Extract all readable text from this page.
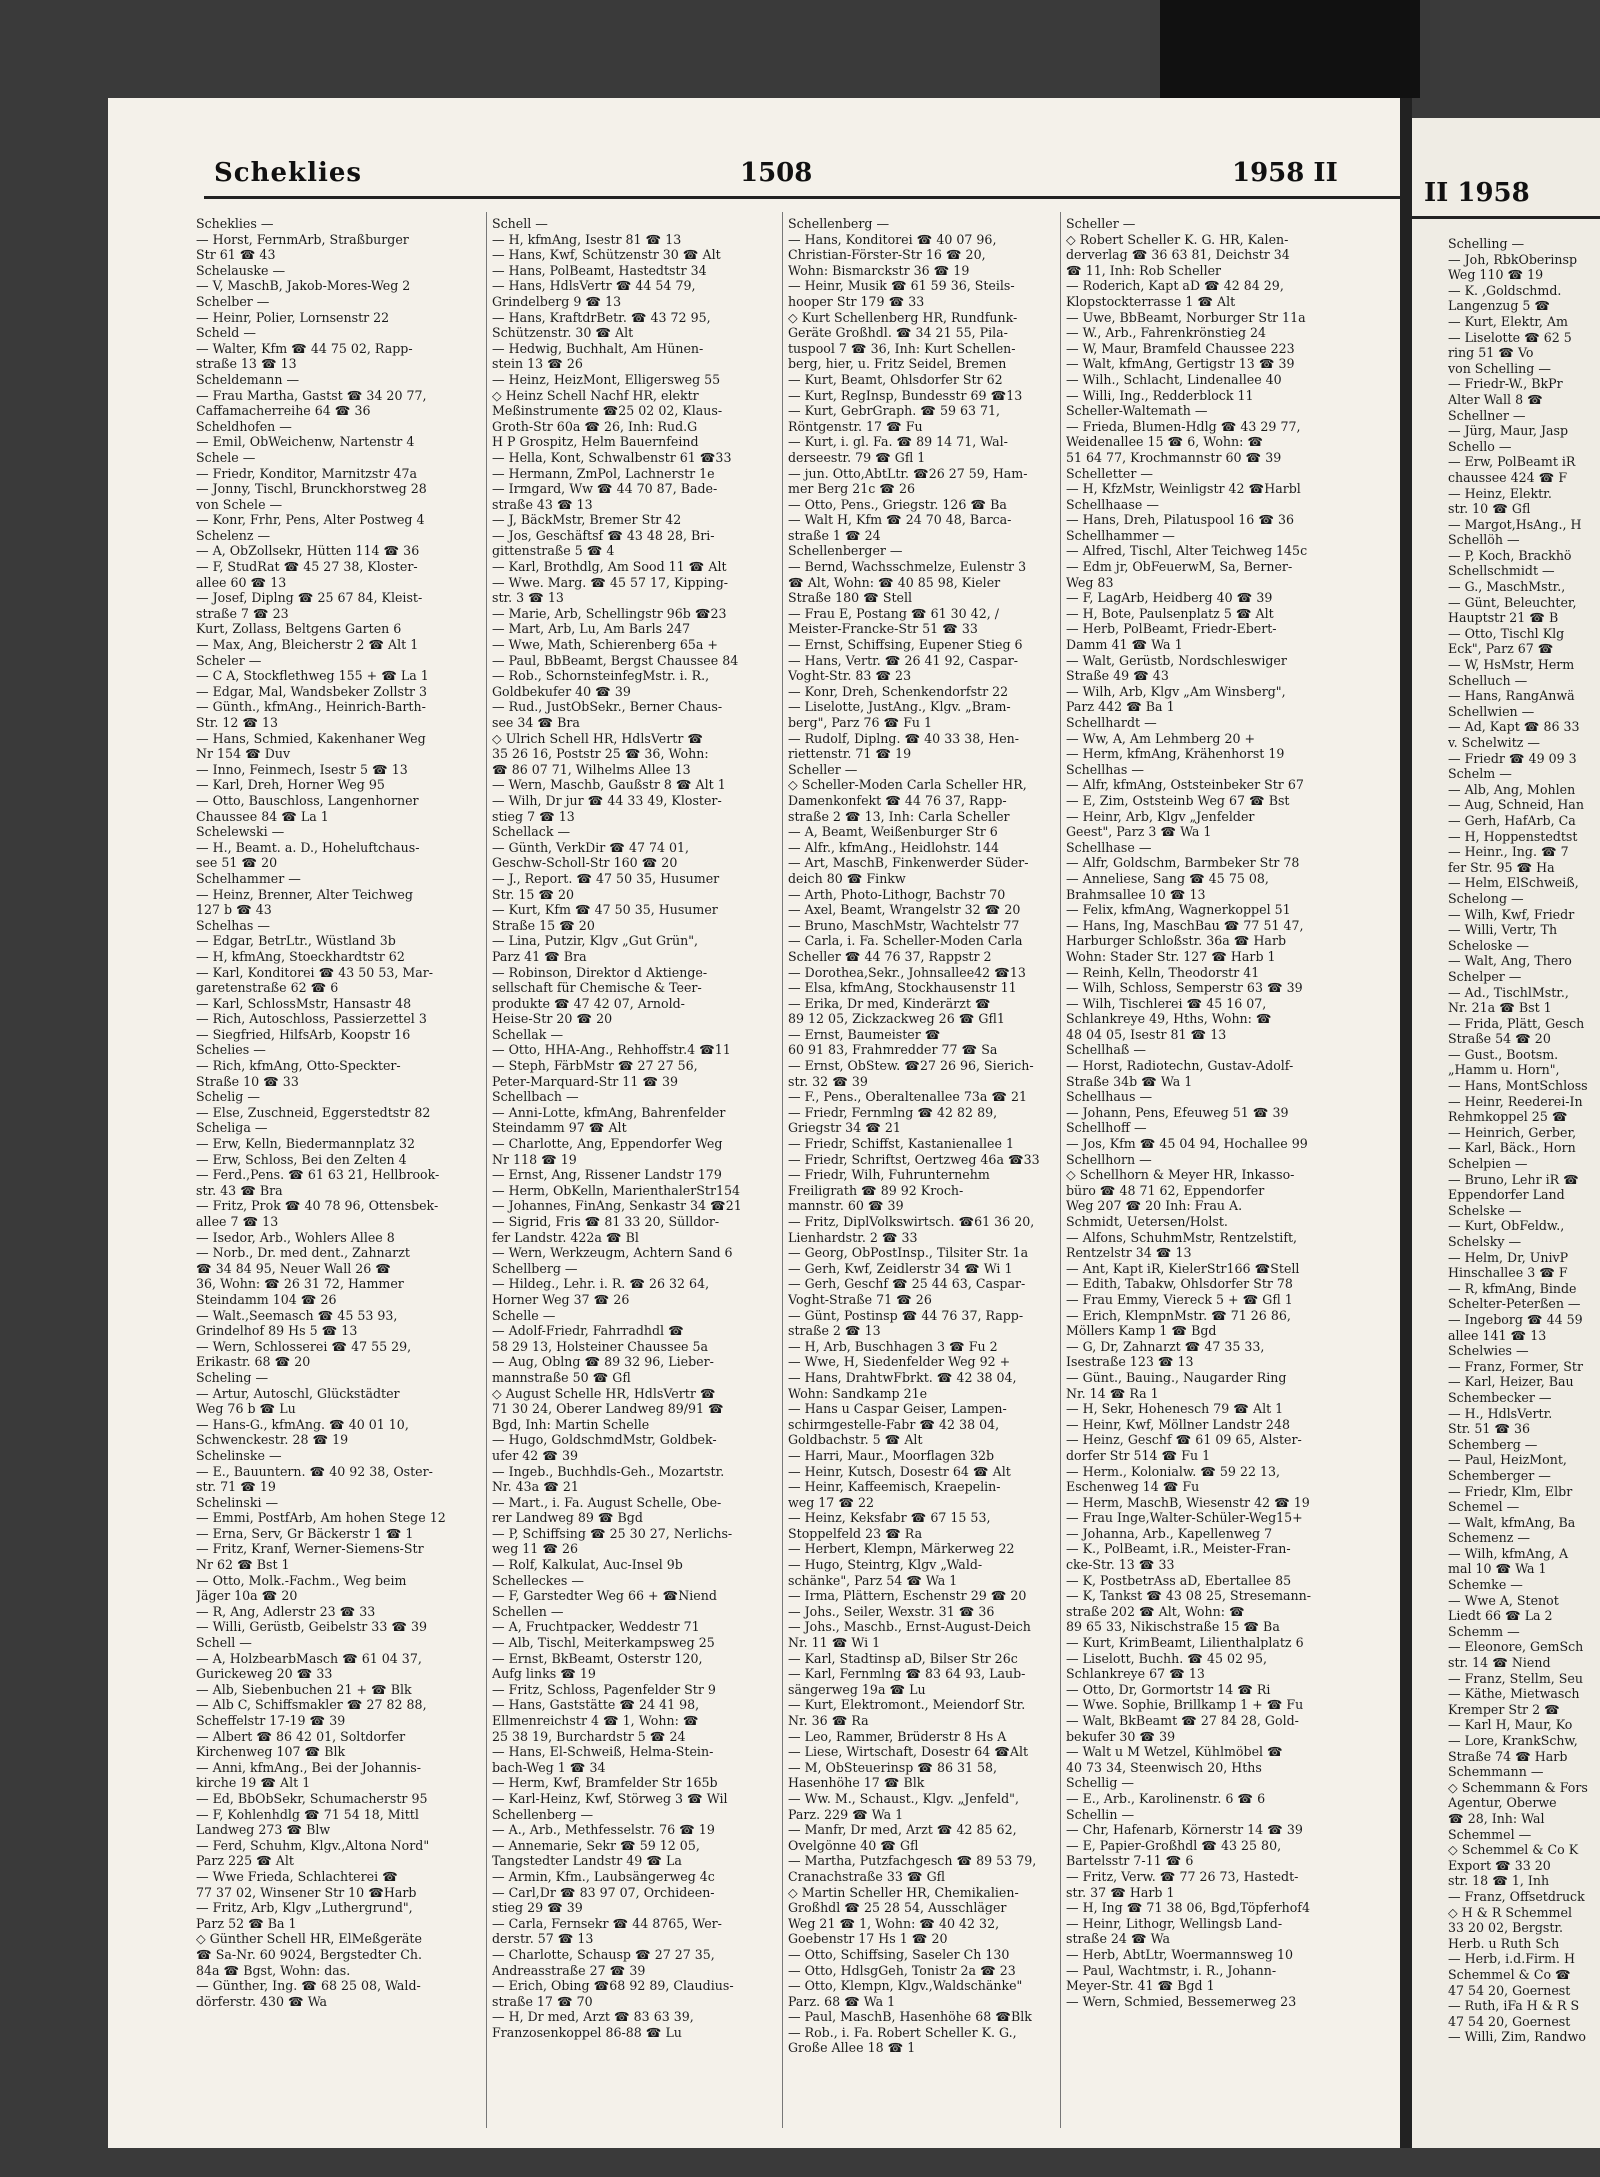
Scheklies	1508	1958 II
Scheklies —
— Horst, FernmArb, Straßburger
Str 61 ☎ 43
Schelauske —
— V, MaschB, Jakob-Mores-Weg 2
Schelber —
— Heinr, Polier, Lornsenstr 22
Scheld —
— Walter, Kfm ☎ 44 75 02, Rapp-
straße 13 ☎ 13
Scheldemann —
— Frau Martha, Gastst ☎ 34 20 77,
Caffamacherreihe 64 ☎ 36
Scheldhofen —
— Emil, ObWeichenw, Nartenstr 4
Schele —
— Friedr, Konditor, Marnitzstr 47a
— Jonny, Tischl, Brunckhorstweg 28
von Schele —
— Konr, Frhr, Pens, Alter Postweg 4
Schelenz —
— A, ObZollsekr, Hütten 114 ☎ 36
— F, StudRat ☎ 45 27 38, Kloster-
allee 60 ☎ 13
— Josef, Diplng ☎ 25 67 84, Kleist-
straße 7 ☎ 23
Kurt, Zollass, Beltgens Garten 6
— Max, Ang, Bleicherstr 2 ☎ Alt 1
Scheler —
— C A, Stockflethweg 155 + ☎ La 1
— Edgar, Mal, Wandsbeker Zollstr 3
— Günth., kfmAng., Heinrich-Barth-
Str. 12 ☎ 13
— Hans, Schmied, Kakenhaner Weg
Nr 154 ☎ Duv
— Inno, Feinmech, Isestr 5 ☎ 13
— Karl, Dreh, Horner Weg 95
— Otto, Bauschloss, Langenhorner
Chaussee 84 ☎ La 1
Schelewski —
— H., Beamt. a. D., Hoheluftchaus-
see 51 ☎ 20
Schelhammer —
— Heinz, Brenner, Alter Teichweg
127 b ☎ 43
Schelhas —
— Edgar, BetrLtr., Wüstland 3b
— H, kfmAng, Stoeckhardtstr 62
— Karl, Konditorei ☎ 43 50 53, Mar-
garetenstraße 62 ☎ 6
— Karl, SchlossMstr, Hansastr 48
— Rich, Autoschloss, Passierzettel 3
— Siegfried, HilfsArb, Koopstr 16
Schelies —
— Rich, kfmAng, Otto-Speckter-
Straße 10 ☎ 33
Schelig —
— Else, Zuschneid, Eggerstedtstr 82
Scheliga —
— Erw, Kelln, Biedermannplatz 32
— Erw, Schloss, Bei den Zelten 4
— Ferd.,Pens. ☎ 61 63 21, Hellbrook-
str. 43 ☎ Bra
— Fritz, Prok ☎ 40 78 96, Ottensbek-
allee 7 ☎ 13
— Isedor, Arb., Wohlers Allee 8
— Norb., Dr. med dent., Zahnarzt
☎ 34 84 95, Neuer Wall 26 ☎
36, Wohn: ☎ 26 31 72, Hammer
Steindamm 104 ☎ 26
— Walt.,Seemasch ☎ 45 53 93,
Grindelhof 89 Hs 5 ☎ 13
— Wern, Schlosserei ☎ 47 55 29,
Erikastr. 68 ☎ 20
Scheling —
— Artur, Autoschl, Glückstädter
Weg 76 b ☎ Lu
— Hans-G., kfmAng. ☎ 40 01 10,
Schwenckestr. 28 ☎ 19
Schelinske —
— E., Bauuntern. ☎ 40 92 38, Oster-
str. 71 ☎ 19
Schelinski —
— Emmi, PostfArb, Am hohen Stege 12
— Erna, Serv, Gr Bäckerstr 1 ☎ 1
— Fritz, Kranf, Werner-Siemens-Str
Nr 62 ☎ Bst 1
— Otto, Molk.-Fachm., Weg beim
Jäger 10a ☎ 20
— R, Ang, Adlerstr 23 ☎ 33
— Willi, Gerüstb, Geibelstr 33 ☎ 39
Schell —
— A, HolzbearbMasch ☎ 61 04 37,
Gurickeweg 20 ☎ 33
— Alb, Siebenbuchen 21 + ☎ Blk
— Alb C, Schiffsmakler ☎ 27 82 88,
Scheffelstr 17-19 ☎ 39
— Albert ☎ 86 42 01, Soltdorfer
Kirchenweg 107 ☎ Blk
— Anni, kfmAng., Bei der Johannis-
kirche 19 ☎ Alt 1
— Ed, BbObSekr, Schumacherstr 95
— F, Kohlenhdlg ☎ 71 54 18, Mittl
Landweg 273 ☎ Blw
— Ferd, Schuhm, Klgv.,Altona Nord"
Parz 225 ☎ Alt
— Wwe Frieda, Schlachterei ☎
77 37 02, Winsener Str 10 ☎Harb
— Fritz, Arb, Klgv „Luthergrund",
Parz 52 ☎ Ba 1
◇ Günther Schell HR, ElMeßgeräte
☎ Sa-Nr. 60 9024, Bergstedter Ch.
84a ☎ Bgst, Wohn: das.
— Günther, Ing. ☎ 68 25 08, Wald-
dörferstr. 430 ☎ Wa
Schell —
— H, kfmAng, Isestr 81 ☎ 13
— Hans, Kwf, Schützenstr 30 ☎ Alt
— Hans, PolBeamt, Hastedtstr 34
— Hans, HdlsVertr ☎ 44 54 79,
Grindelberg 9 ☎ 13
— Hans, KraftdrBetr. ☎ 43 72 95,
Schützenstr. 30 ☎ Alt
— Hedwig, Buchhalt, Am Hünen-
stein 13 ☎ 26
— Heinz, HeizMont, Elligersweg 55
◇ Heinz Schell Nachf HR, elektr
Meßinstrumente ☎25 02 02, Klaus-
Groth-Str 60a ☎ 26, Inh: Rud.G
H P Grospitz, Helm Bauernfeind
— Hella, Kont, Schwalbenstr 61 ☎33
— Hermann, ZmPol, Lachnerstr 1e
— Irmgard, Ww ☎ 44 70 87, Bade-
straße 43 ☎ 13
— J, BäckMstr, Bremer Str 42
— Jos, Geschäftsf ☎ 43 48 28, Bri-
gittenstraße 5 ☎ 4
— Karl, Brothdlg, Am Sood 11 ☎ Alt
— Wwe. Marg. ☎ 45 57 17, Kipping-
str. 3 ☎ 13
— Marie, Arb, Schellingstr 96b ☎23
— Mart, Arb, Lu, Am Barls 247
— Wwe, Math, Schierenberg 65a +
— Paul, BbBeamt, Bergst Chaussee 84
— Rob., SchornsteinfegMstr. i. R.,
Goldbekufer 40 ☎ 39
— Rud., JustObSekr., Berner Chaus-
see 34 ☎ Bra
◇ Ulrich Schell HR, HdlsVertr ☎
35 26 16, Poststr 25 ☎ 36, Wohn:
☎ 86 07 71, Wilhelms Allee 13
— Wern, Maschb, Gaußstr 8 ☎ Alt 1
— Wilh, Dr jur ☎ 44 33 49, Kloster-
stieg 7 ☎ 13
Schellack —
— Günth, VerkDir ☎ 47 74 01,
Geschw-Scholl-Str 160 ☎ 20
— J., Report. ☎ 47 50 35, Husumer
Str. 15 ☎ 20
— Kurt, Kfm ☎ 47 50 35, Husumer
Straße 15 ☎ 20
— Lina, Putzir, Klgv „Gut Grün",
Parz 41 ☎ Bra
— Robinson, Direktor d Aktienge-
sellschaft für Chemische & Teer-
produkte ☎ 47 42 07, Arnold-
Heise-Str 20 ☎ 20
Schellak —
— Otto, HHA-Ang., Rehhoffstr.4 ☎11
— Steph, FärbMstr ☎ 27 27 56,
Peter-Marquard-Str 11 ☎ 39
Schellbach —
— Anni-Lotte, kfmAng, Bahrenfelder
Steindamm 97 ☎ Alt
— Charlotte, Ang, Eppendorfer Weg
Nr 118 ☎ 19
— Ernst, Ang, Rissener Landstr 179
— Herm, ObKelln, MarienthalerStr154
— Johannes, FinAng, Senkastr 34 ☎21
— Sigrid, Fris ☎ 81 33 20, Sülldor-
fer Landstr. 422a ☎ Bl
— Wern, Werkzeugm, Achtern Sand 6
Schellberg —
— Hildeg., Lehr. i. R. ☎ 26 32 64,
Horner Weg 37 ☎ 26
Schelle —
— Adolf-Friedr, Fahrradhdl ☎
58 29 13, Holsteiner Chaussee 5a
— Aug, Oblng ☎ 89 32 96, Lieber-
mannstraße 50 ☎ Gfl
◇ August Schelle HR, HdlsVertr ☎
71 30 24, Oberer Landweg 89/91 ☎
Bgd, Inh: Martin Schelle
— Hugo, GoldschmdMstr, Goldbek-
ufer 42 ☎ 39
— Ingeb., Buchhdls-Geh., Mozartstr.
Nr. 43a ☎ 21
— Mart., i. Fa. August Schelle, Obe-
rer Landweg 89 ☎ Bgd
— P, Schiffsing ☎ 25 30 27, Nerlichs-
weg 11 ☎ 26
— Rolf, Kalkulat, Auc-Insel 9b
Schelleckes —
— F, Garstedter Weg 66 + ☎Niend
Schellen —
— A, Fruchtpacker, Weddestr 71
— Alb, Tischl, Meiterkampsweg 25
— Ernst, BkBeamt, Osterstr 120,
Aufg links ☎ 19
— Fritz, Schloss, Pagenfelder Str 9
— Hans, Gaststätte ☎ 24 41 98,
Ellmenreichstr 4 ☎ 1, Wohn: ☎
25 38 19, Burchardstr 5 ☎ 24
— Hans, El-Schweiß, Helma-Stein-
bach-Weg 1 ☎ 34
— Herm, Kwf, Bramfelder Str 165b
— Karl-Heinz, Kwf, Störweg 3 ☎ Wil
Schellenberg —
— A., Arb., Methfesselstr. 76 ☎ 19
— Annemarie, Sekr ☎ 59 12 05,
Tangstedter Landstr 49 ☎ La
— Armin, Kfm., Laubsängerweg 4c
— Carl,Dr ☎ 83 97 07, Orchideen-
stieg 29 ☎ 39
— Carla, Fernsekr ☎ 44 8765, Wer-
derstr. 57 ☎ 13
— Charlotte, Schausp ☎ 27 27 35,
Andreasstraße 27 ☎ 39
— Erich, Obing ☎68 92 89, Claudius-
straße 17 ☎ 70
— H, Dr med, Arzt ☎ 83 63 39,
Franzosenkoppel 86-88 ☎ Lu
Schellenberg —
— Hans, Konditorei ☎ 40 07 96,
Christian-Förster-Str 16 ☎ 20,
Wohn: Bismarckstr 36 ☎ 19
— Heinr, Musik ☎ 61 59 36, Steils-
hooper Str 179 ☎ 33
◇ Kurt Schellenberg HR, Rundfunk-
Geräte Großhdl. ☎ 34 21 55, Pila-
tuspool 7 ☎ 36, Inh: Kurt Schellen-
berg, hier, u. Fritz Seidel, Bremen
— Kurt, Beamt, Ohlsdorfer Str 62
— Kurt, RegInsp, Bundesstr 69 ☎13
— Kurt, GebrGraph. ☎ 59 63 71,
Röntgenstr. 17 ☎ Fu
— Kurt, i. gl. Fa. ☎ 89 14 71, Wal-
derseestr. 79 ☎ Gfl 1
— jun. Otto,AbtLtr. ☎26 27 59, Ham-
mer Berg 21c ☎ 26
— Otto, Pens., Griegstr. 126 ☎ Ba
— Walt H, Kfm ☎ 24 70 48, Barca-
straße 1 ☎ 24
Schellenberger —
— Bernd, Wachsschmelze, Eulenstr 3
☎ Alt, Wohn: ☎ 40 85 98, Kieler
Straße 180 ☎ Stell
— Frau E, Postang ☎ 61 30 42, /
Meister-Francke-Str 51 ☎ 33
— Ernst, Schiffsing, Eupener Stieg 6
— Hans, Vertr. ☎ 26 41 92, Caspar-
Voght-Str. 83 ☎ 23
— Konr, Dreh, Schenkendorfstr 22
— Liselotte, JustAng., Klgv. „Bram-
berg", Parz 76 ☎ Fu 1
— Rudolf, Diplng. ☎ 40 33 38, Hen-
riettenstr. 71 ☎ 19
Scheller —
◇ Scheller-Moden Carla Scheller HR,
Damenkonfekt ☎ 44 76 37, Rapp-
straße 2 ☎ 13, Inh: Carla Scheller
— A, Beamt, Weißenburger Str 6
— Alfr., kfmAng., Heidlohstr. 144
— Art, MaschB, Finkenwerder Süder-
deich 80 ☎ Finkw
— Arth, Photo-Lithogr, Bachstr 70
— Axel, Beamt, Wrangelstr 32 ☎ 20
— Bruno, MaschMstr, Wachtelstr 77
— Carla, i. Fa. Scheller-Moden Carla
Scheller ☎ 44 76 37, Rappstr 2
— Dorothea,Sekr., Johnsallee42 ☎13
— Elsa, kfmAng, Stockhausenstr 11
— Erika, Dr med, Kinderärzt ☎
89 12 05, Zickzackweg 26 ☎ Gfl1
— Ernst, Baumeister ☎
60 91 83, Frahmredder 77 ☎ Sa
— Ernst, ObStew. ☎27 26 96, Sierich-
str. 32 ☎ 39
— F., Pens., Oberaltenallee 73a ☎ 21
— Friedr, Fernmlng ☎ 42 82 89,
Griegstr 34 ☎ 21
— Friedr, Schiffst, Kastanienallee 1
— Friedr, Schriftst, Oertzweg 46a ☎33
— Friedr, Wilh, Fuhrunternehm
Freiligrath ☎ 89 92 Kroch-
mannstr. 60 ☎ 39
— Fritz, DiplVolkswirtsch. ☎61 36 20,
Lienhardstr. 2 ☎ 33
— Georg, ObPostInsp., Tilsiter Str. 1a
— Gerh, Kwf, Zeidlerstr 34 ☎ Wi 1
— Gerh, Geschf ☎ 25 44 63, Caspar-
Voght-Straße 71 ☎ 26
— Günt, Postinsp ☎ 44 76 37, Rapp-
straße 2 ☎ 13
— H, Arb, Buschhagen 3 ☎ Fu 2
— Wwe, H, Siedenfelder Weg 92 +
— Hans, DrahtwFbrkt. ☎ 42 38 04,
Wohn: Sandkamp 21e
— Hans u Caspar Geiser, Lampen-
schirmgestelle-Fabr ☎ 42 38 04,
Goldbachstr. 5 ☎ Alt
— Harri, Maur., Moorflagen 32b
— Heinr, Kutsch, Dosestr 64 ☎ Alt
— Heinr, Kaffeemisch, Kraepelin-
weg 17 ☎ 22
— Heinz, Keksfabr ☎ 67 15 53,
Stoppelfeld 23 ☎ Ra
— Herbert, Klempn, Märkerweg 22
— Hugo, Steintrg, Klgv „Wald-
schänke", Parz 54 ☎ Wa 1
— Irma, Plättern, Eschenstr 29 ☎ 20
— Johs., Seiler, Wexstr. 31 ☎ 36
— Johs., Maschb., Ernst-August-Deich
Nr. 11 ☎ Wi 1
— Karl, Stadtinsp aD, Bilser Str 26c
— Karl, Fernmlng ☎ 83 64 93, Laub-
sängerweg 19a ☎ Lu
— Kurt, Elektromont., Meiendorf Str.
Nr. 36 ☎ Ra
— Leo, Rammer, Brüderstr 8 Hs A
— Liese, Wirtschaft, Dosestr 64 ☎Alt
— M, ObSteuerinsp ☎ 86 31 58,
Hasenhöhe 17 ☎ Blk
— Ww. M., Schaust., Klgv. „Jenfeld",
Parz. 229 ☎ Wa 1
— Manfr, Dr med, Arzt ☎ 42 85 62,
Ovelgönne 40 ☎ Gfl
— Martha, Putzfachgesch ☎ 89 53 79,
Cranachstraße 33 ☎ Gfl
◇ Martin Scheller HR, Chemikalien-
Großhdl ☎ 25 28 54, Ausschläger
Weg 21 ☎ 1, Wohn: ☎ 40 42 32,
Goebenstr 17 Hs 1 ☎ 20
— Otto, Schiffsing, Saseler Ch 130
— Otto, HdlsgGeh, Tonistr 2a ☎ 23
— Otto, Klempn, Klgv.,Waldschänke"
Parz. 68 ☎ Wa 1
— Paul, MaschB, Hasenhöhe 68 ☎Blk
— Rob., i. Fa. Robert Scheller K. G.,
Große Allee 18 ☎ 1
Scheller —
◇ Robert Scheller K. G. HR, Kalen-
derverlag ☎ 36 63 81, Deichstr 34
☎ 11, Inh: Rob Scheller
— Roderich, Kapt aD ☎ 42 84 29,
Klopstockterrasse 1 ☎ Alt
— Uwe, BbBeamt, Norburger Str 11a
— W., Arb., Fahrenkrönstieg 24
— W, Maur, Bramfeld Chaussee 223
— Walt, kfmAng, Gertigstr 13 ☎ 39
— Wilh., Schlacht, Lindenallee 40
— Willi, Ing., Redderblock 11
Scheller-Waltemath —
— Frieda, Blumen-Hdlg ☎ 43 29 77,
Weidenallee 15 ☎ 6, Wohn: ☎
51 64 77, Krochmannstr 60 ☎ 39
Schelletter —
— H, KfzMstr, Weinligstr 42 ☎Harbl
Schellhaase —
— Hans, Dreh, Pilatuspool 16 ☎ 36
Schellhammer —
— Alfred, Tischl, Alter Teichweg 145c
— Edm jr, ObFeuerwM, Sa, Berner-
Weg 83
— F, LagArb, Heidberg 40 ☎ 39
— H, Bote, Paulsenplatz 5 ☎ Alt
— Herb, PolBeamt, Friedr-Ebert-
Damm 41 ☎ Wa 1
— Walt, Gerüstb, Nordschleswiger
Straße 49 ☎ 43
— Wilh, Arb, Klgv „Am Winsberg",
Parz 442 ☎ Ba 1
Schellhardt —
— Ww, A, Am Lehmberg 20 +
— Herm, kfmAng, Krähenhorst 19
Schellhas —
— Alfr, kfmAng, Oststeinbeker Str 67
— E, Zim, Oststeinb Weg 67 ☎ Bst
— Heinr, Arb, Klgv „Jenfelder
Geest", Parz 3 ☎ Wa 1
Schellhase —
— Alfr, Goldschm, Barmbeker Str 78
— Anneliese, Sang ☎ 45 75 08,
Brahmsallee 10 ☎ 13
— Felix, kfmAng, Wagnerkoppel 51
— Hans, Ing, MaschBau ☎ 77 51 47,
Harburger Schloßstr. 36a ☎ Harb
Wohn: Stader Str. 127 ☎ Harb 1
— Reinh, Kelln, Theodorstr 41
— Wilh, Schloss, Semperstr 63 ☎ 39
— Wilh, Tischlerei ☎ 45 16 07,
Schlankreye 49, Hths, Wohn: ☎
48 04 05, Isestr 81 ☎ 13
Schellhaß —
— Horst, Radiotechn, Gustav-Adolf-
Straße 34b ☎ Wa 1
Schellhaus —
— Johann, Pens, Efeuweg 51 ☎ 39
Schellhoff —
— Jos, Kfm ☎ 45 04 94, Hochallee 99
Schellhorn —
◇ Schellhorn & Meyer HR, Inkasso-
büro ☎ 48 71 62, Eppendorfer
Weg 207 ☎ 20 Inh: Frau A.
Schmidt, Uetersen/Holst.
— Alfons, SchuhmMstr, Rentzelstift,
Rentzelstr 34 ☎ 13
— Ant, Kapt iR, KielerStr166 ☎Stell
— Edith, Tabakw, Ohlsdorfer Str 78
— Frau Emmy, Viereck 5 + ☎ Gfl 1
— Erich, KlempnMstr. ☎ 71 26 86,
Möllers Kamp 1 ☎ Bgd
— G, Dr, Zahnarzt ☎ 47 35 33,
Isestraße 123 ☎ 13
— Günt., Bauing., Naugarder Ring
Nr. 14 ☎ Ra 1
— H, Sekr, Hohenesch 79 ☎ Alt 1
— Heinr, Kwf, Möllner Landstr 248
— Heinz, Geschf ☎ 61 09 65, Alster-
dorfer Str 514 ☎ Fu 1
— Herm., Kolonialw. ☎ 59 22 13,
Eschenweg 14 ☎ Fu
— Herm, MaschB, Wiesenstr 42 ☎ 19
— Frau Inge,Walter-Schüler-Weg15+
— Johanna, Arb., Kapellenweg 7
— K., PolBeamt, i.R., Meister-Fran-
cke-Str. 13 ☎ 33
— K, PostbetrAss aD, Ebertallee 85
— K, Tankst ☎ 43 08 25, Stresemann-
straße 202 ☎ Alt, Wohn: ☎
89 65 33, Nikischstraße 15 ☎ Ba
— Kurt, KrimBeamt, Lilienthalplatz 6
— Liselott, Buchh. ☎ 45 02 95,
Schlankreye 67 ☎ 13
— Otto, Dr, Gormortstr 14 ☎ Ri
— Wwe. Sophie, Brillkamp 1 + ☎ Fu
— Walt, BkBeamt ☎ 27 84 28, Gold-
bekufer 30 ☎ 39
— Walt u M Wetzel, Kühlmöbel ☎
40 73 34, Steenwisch 20, Hths
Schellig —
— E., Arb., Karolinenstr. 6 ☎ 6
Schellin —
— Chr, Hafenarb, Körnerstr 14 ☎ 39
— E, Papier-Großhdl ☎ 43 25 80,
Bartelsstr 7-11 ☎ 6
— Fritz, Verw. ☎ 77 26 73, Hastedt-
str. 37 ☎ Harb 1
— H, Ing ☎ 71 38 06, Bgd,Töpferhof4
— Heinr, Lithogr, Wellingsb Land-
straße 24 ☎ Wa
— Herb, AbtLtr, Woermannsweg 10
— Paul, Wachtmstr, i. R., Johann-
Meyer-Str. 41 ☎ Bgd 1
— Wern, Schmied, Bessemerweg 23
II 1958
Schelling —
— Joh, RbkOberinsp
Weg 110 ☎ 19
— K. ,Goldschmd.
Langenzug 5 ☎
— Kurt, Elektr, Am
— Liselotte ☎ 62 5
ring 51 ☎ Vo
von Schelling —
— Friedr-W., BkPr
Alter Wall 8 ☎
Schellner —
— Jürg, Maur, Jasp
Schello —
— Erw, PolBeamt iR
chaussee 424 ☎ F
— Heinz, Elektr.
str. 10 ☎ Gfl
— Margot,HsAng., H
Schellöh —
— P, Koch, Brackhö
Schellschmidt —
— G., MaschMstr.,
— Günt, Beleuchter,
Hauptstr 21 ☎ B
— Otto, Tischl Klg
Eck", Parz 67 ☎
— W, HsMstr, Herm
Schelluch —
— Hans, RangAnwä
Schellwien —
— Ad, Kapt ☎ 86 33
v. Schelwitz —
— Friedr ☎ 49 09 3
Schelm —
— Alb, Ang, Mohlen
— Aug, Schneid, Han
— Gerh, HafArb, Ca
— H, Hoppenstedtst
— Heinr., Ing. ☎ 7
fer Str. 95 ☎ Ha
— Helm, ElSchweiß,
Schelong —
— Wilh, Kwf, Friedr
— Willi, Vertr, Th
Scheloske —
— Walt, Ang, Thero
Schelper —
— Ad., TischlMstr.,
Nr. 21a ☎ Bst 1
— Frida, Plätt, Gesch
Straße 54 ☎ 20
— Gust., Bootsm.
„Hamm u. Horn",
— Hans, MontSchloss
— Heinr, Reederei-In
Rehmkoppel 25 ☎
— Heinrich, Gerber,
— Karl, Bäck., Horn
Schelpien —
— Bruno, Lehr iR ☎
Eppendorfer Land
Schelske —
— Kurt, ObFeldw.,
Schelsky —
— Helm, Dr, UnivP
Hinschallee 3 ☎ F
— R, kfmAng, Binde
Schelter-Peterßen —
— Ingeborg ☎ 44 59
allee 141 ☎ 13
Schelwies —
— Franz, Former, Str
— Karl, Heizer, Bau
Schembecker —
— H., HdlsVertr.
Str. 51 ☎ 36
Schemberg —
— Paul, HeizMont,
Schemberger —
— Friedr, Klm, Elbr
Schemel —
— Walt, kfmAng, Ba
Schemenz —
— Wilh, kfmAng, A
mal 10 ☎ Wa 1
Schemke —
— Wwe A, Stenot
Liedt 66 ☎ La 2
Schemm —
— Eleonore, GemSch
str. 14 ☎ Niend
— Franz, Stellm, Seu
— Käthe, Mietwasch
Kremper Str 2 ☎
— Karl H, Maur, Ko
— Lore, KrankSchw,
Straße 74 ☎ Harb
Schemmann —
◇ Schemmann & Fors
Agentur, Oberwe
☎ 28, Inh: Wal
Schemmel —
◇ Schemmel & Co K
Export ☎ 33 20
str. 18 ☎ 1, Inh
— Franz, Offsetdruck
◇ H & R Schemmel
33 20 02, Bergstr.
Herb. u Ruth Sch
— Herb, i.d.Firm. H
Schemmel & Co ☎
47 54 20, Goernest
— Ruth, iFa H & R S
47 54 20, Goernest
— Willi, Zim, Randwo
